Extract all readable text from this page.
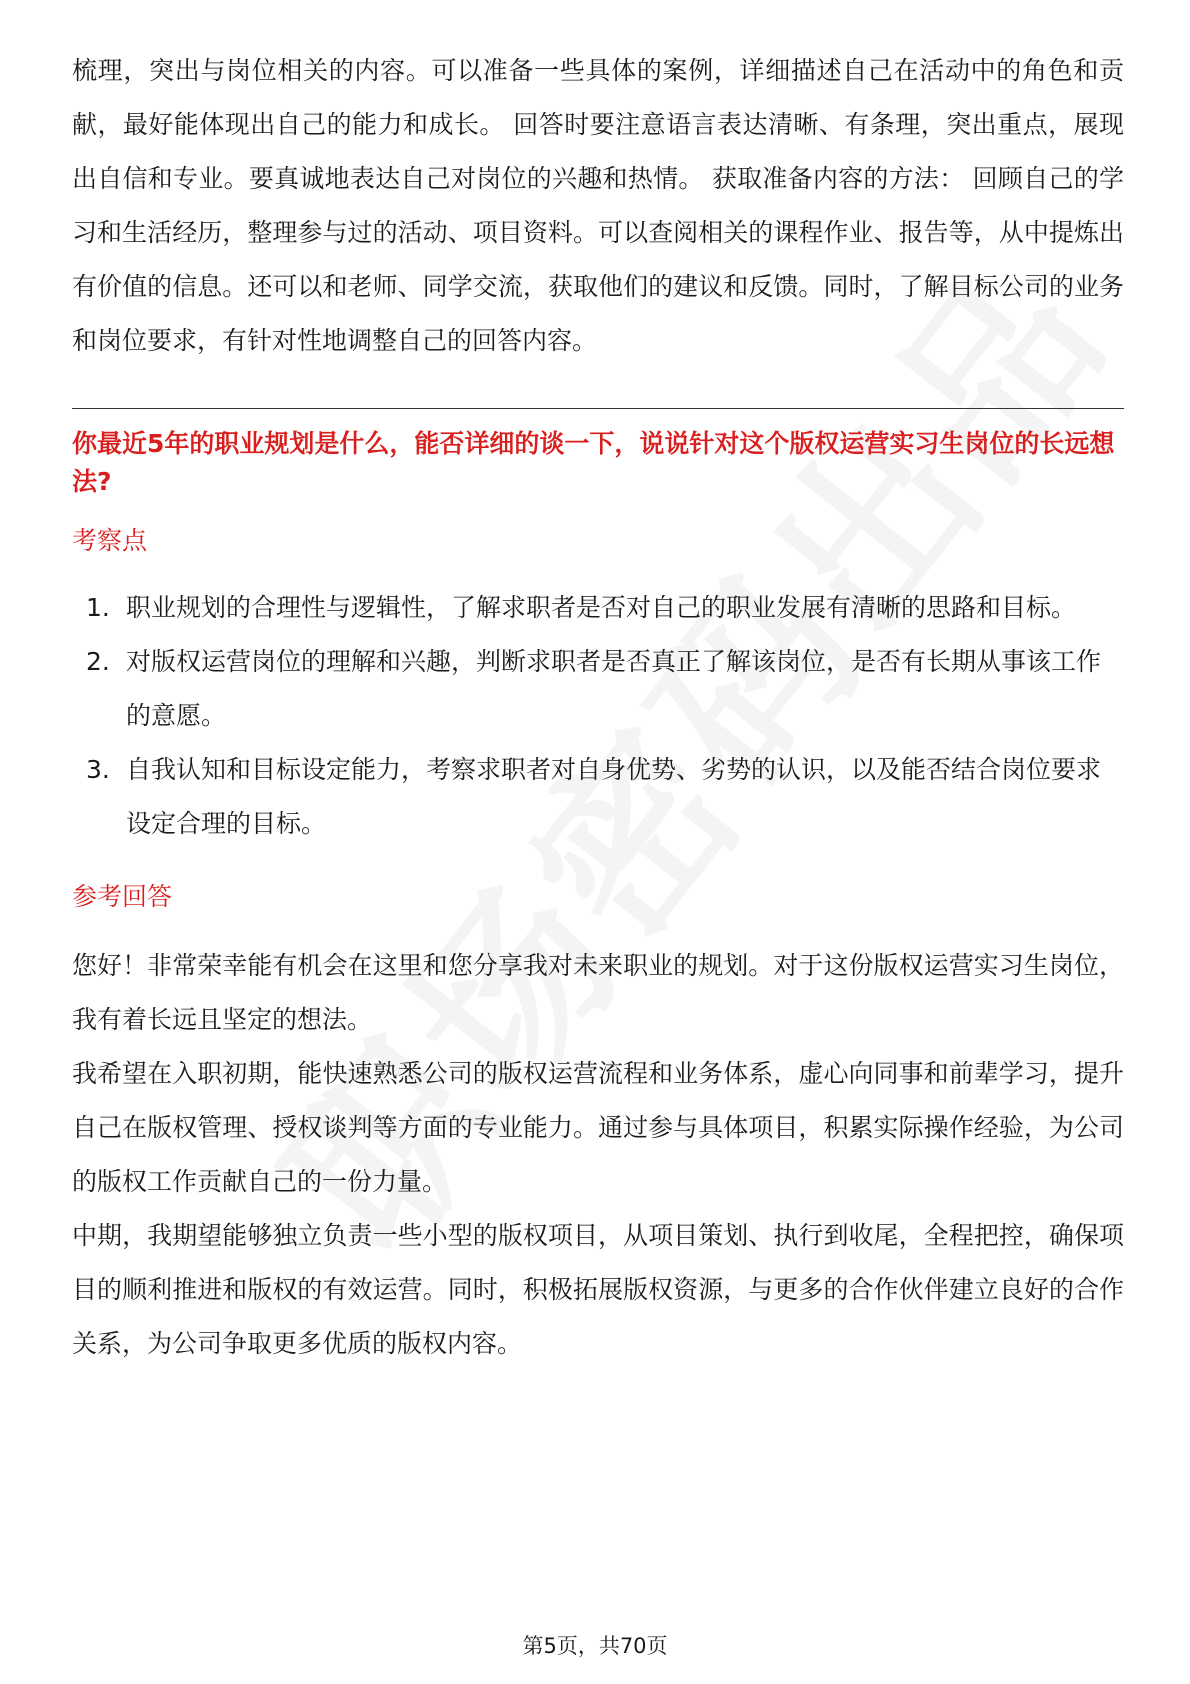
梳理，突出与岗位相关的内容。可以准备一些具体的案例，详细描述自己在活动中的角色和贡献，最好能体现出自己的能力和成长。 回答时要注意语言表达清晰、有条理，突出重点，展现出自信和专业。要真诚地表达自己对岗位的兴趣和热情。 获取准备内容的方法： 回顾自己的学习和生活经历，整理参与过的活动、项目资料。可以查阅相关的课程作业、报告等，从中提炼出有价值的信息。还可以和老师、同学交流，获取他们的建议和反馈。同时，了解目标公司的业务和岗位要求，有针对性地调整自己的回答内容。

你最近5年的职业规划是什么，能否详细的谈一下，说说针对这个版权运营实习生岗位的长远想法?
考察点
1. 职业规划的合理性与逻辑性，了解求职者是否对自己的职业发展有清晰的思路和目标。
2. 对版权运营岗位的理解和兴趣，判断求职者是否真正了解该岗位，是否有长期从事该工作的意愿。
3. 自我认知和目标设定能力，考察求职者对自身优势、劣势的认识，以及能否结合岗位要求设定合理的目标。
参考回答

您好！非常荣幸能有机会在这里和您分享我对未来职业的规划。对于这份版权运营实习生岗位，我有着长远且坚定的想法。

我希望在入职初期，能快速熟悉公司的版权运营流程和业务体系，虚心向同事和前辈学习，提升自己在版权管理、授权谈判等方面的专业能力。通过参与具体项目，积累实际操作经验，为公司的版权工作贡献自己的一份力量。

中期，我期望能够独立负责一些小型的版权项目，从项目策划、执行到收尾，全程把控，确保项目的顺利推进和版权的有效运营。同时，积极拓展版权资源，与更多的合作伙伴建立良好的合作关系，为公司争取更多优质的版权内容。

第5页，共70页
